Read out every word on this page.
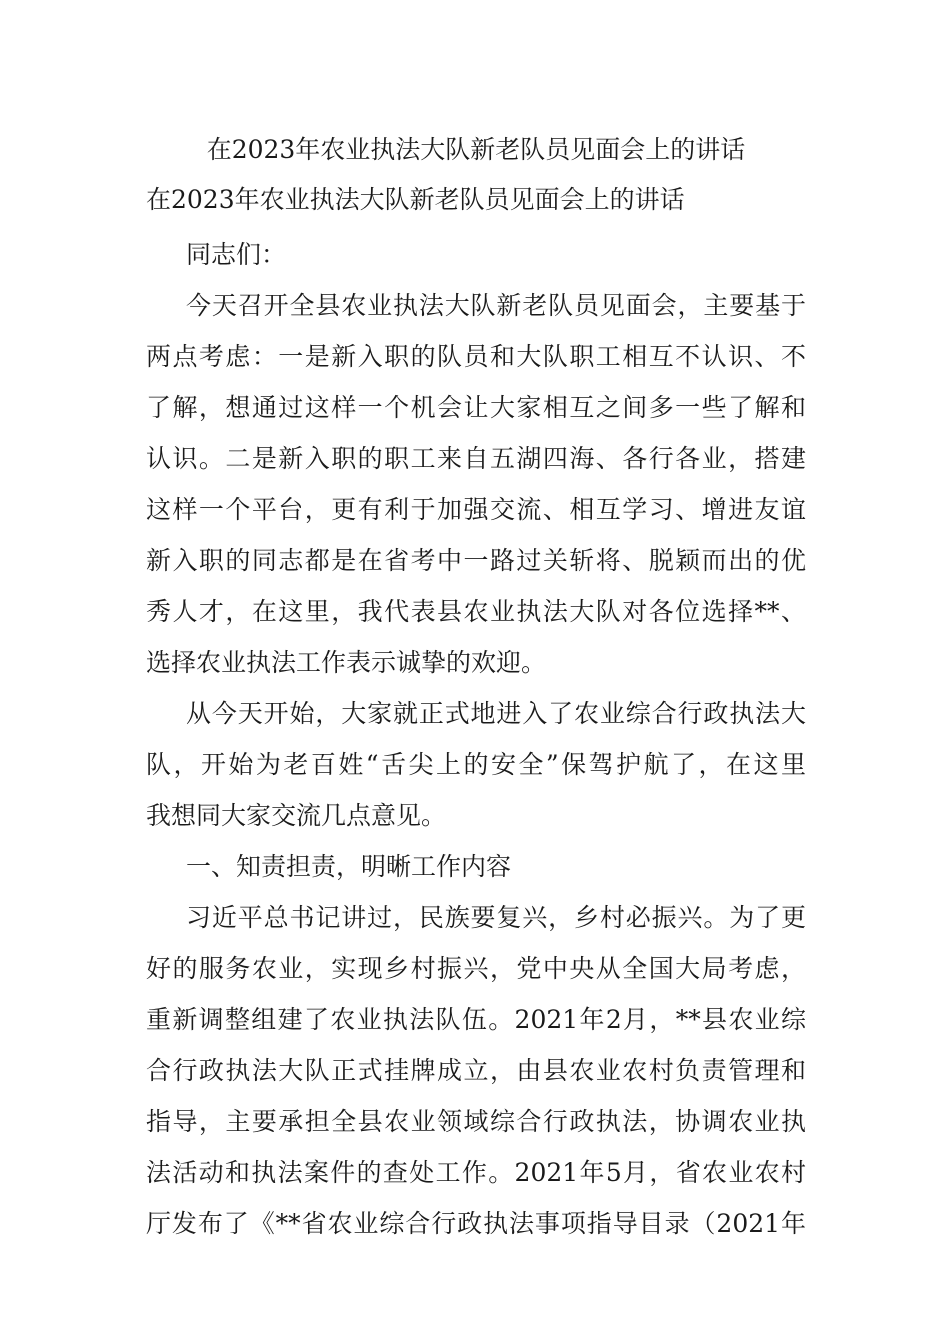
在2023年农业执法大队新老队员见面会上的讲话
在2023年农业执法大队新老队员见面会上的讲话
同志们：
今天召开全县农业执法大队新老队员见面会，主要基于
两点考虑：一是新入职的队员和大队职工相互不认识、不
了解，想通过这样一个机会让大家相互之间多一些了解和
认识。二是新入职的职工来自五湖四海、各行各业，搭建
这样一个平台，更有利于加强交流、相互学习、增进友谊
新入职的同志都是在省考中一路过关斩将、脱颖而出的优
秀人才，在这里，我代表县农业执法大队对各位选择**、
选择农业执法工作表示诚挚的欢迎。
从今天开始，大家就正式地进入了农业综合行政执法大
队，开始为老百姓“舌尖上的安全”保驾护航了，在这里
我想同大家交流几点意见。
一、知责担责，明晰工作内容
习近平总书记讲过，民族要复兴，乡村必振兴。为了更
好的服务农业，实现乡村振兴，党中央从全国大局考虑，
重新调整组建了农业执法队伍。2021年2月，**县农业综
合行政执法大队正式挂牌成立，由县农业农村负责管理和
指导，主要承担全县农业领域综合行政执法，协调农业执
法活动和执法案件的查处工作。2021年5月，省农业农村
厅发布了《**省农业综合行政执法事项指导目录（2021年
